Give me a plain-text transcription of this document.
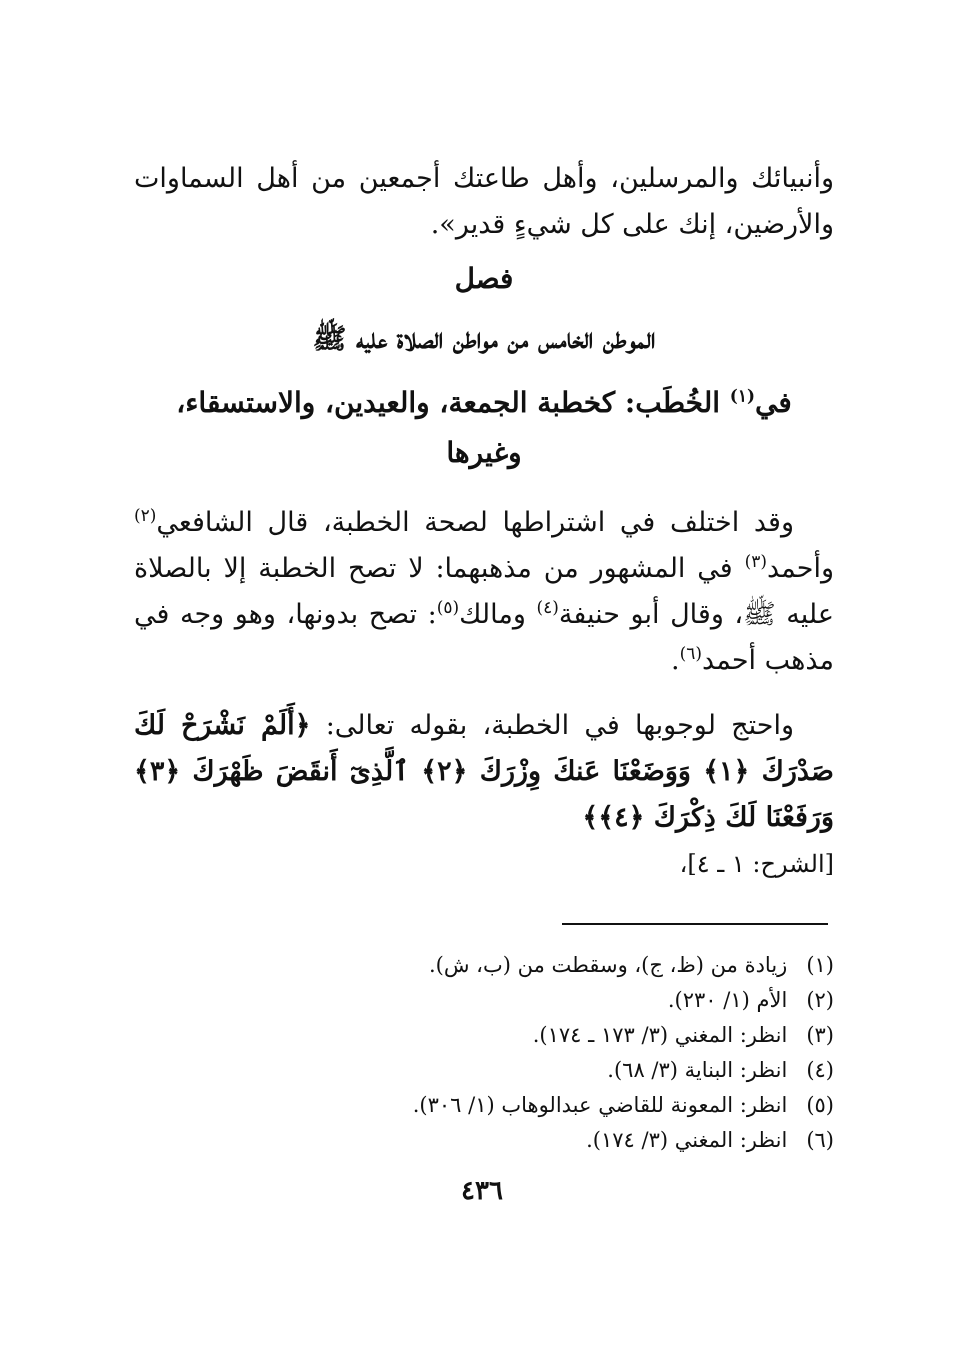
وأنبيائك والمرسلين، وأهل طاعتك أجمعين من أهل السماوات والأرضين، إنك على كل شيءٍ قدير».

فصل
الموطن الخامس من مواطن الصلاة عليه ﷺ
في$^{(١)}$ الخُطَب: كخطبة الجمعة، والعيدين، والاستسقاء، وغيرها

وقد اختلف في اشتراطها لصحة الخطبة، قال الشافعي$^{(٢)}$ وأحمد$^{(٣)}$ في المشهور من مذهبهما: لا تصح الخطبة إلا بالصلاة عليه ﷺ، وقال أبو حنيفة$^{(٤)}$ ومالك$^{(٥)}$: تصح بدونها، وهو وجه في مذهب أحمد$^{(٦)}$.

واحتج لوجوبها في الخطبة، بقوله تعالى: ﴿أَلَمْ نَشْرَحْ لَكَ صَدْرَكَ ﴿١﴾ وَوَضَعْنَا عَنكَ وِزْرَكَ ﴿٢﴾ ٱلَّذِىٓ أَنقَضَ ظَهْرَكَ ﴿٣﴾ وَرَفَعْنَا لَكَ ذِكْرَكَ ﴿٤﴾﴾
[الشرح: ١ ـ ٤]،

(١) زيادة من (ظ، ج)، وسقطت من (ب، ش).
(٢) الأم (١/ ٢٣٠).
(٣) انظر: المغني (٣/ ١٧٣ ـ ١٧٤).
(٤) انظر: البناية (٣/ ٦٨).
(٥) انظر: المعونة للقاضي عبدالوهاب (١/ ٣٠٦).
(٦) انظر: المغني (٣/ ١٧٤).
٤٣٦
